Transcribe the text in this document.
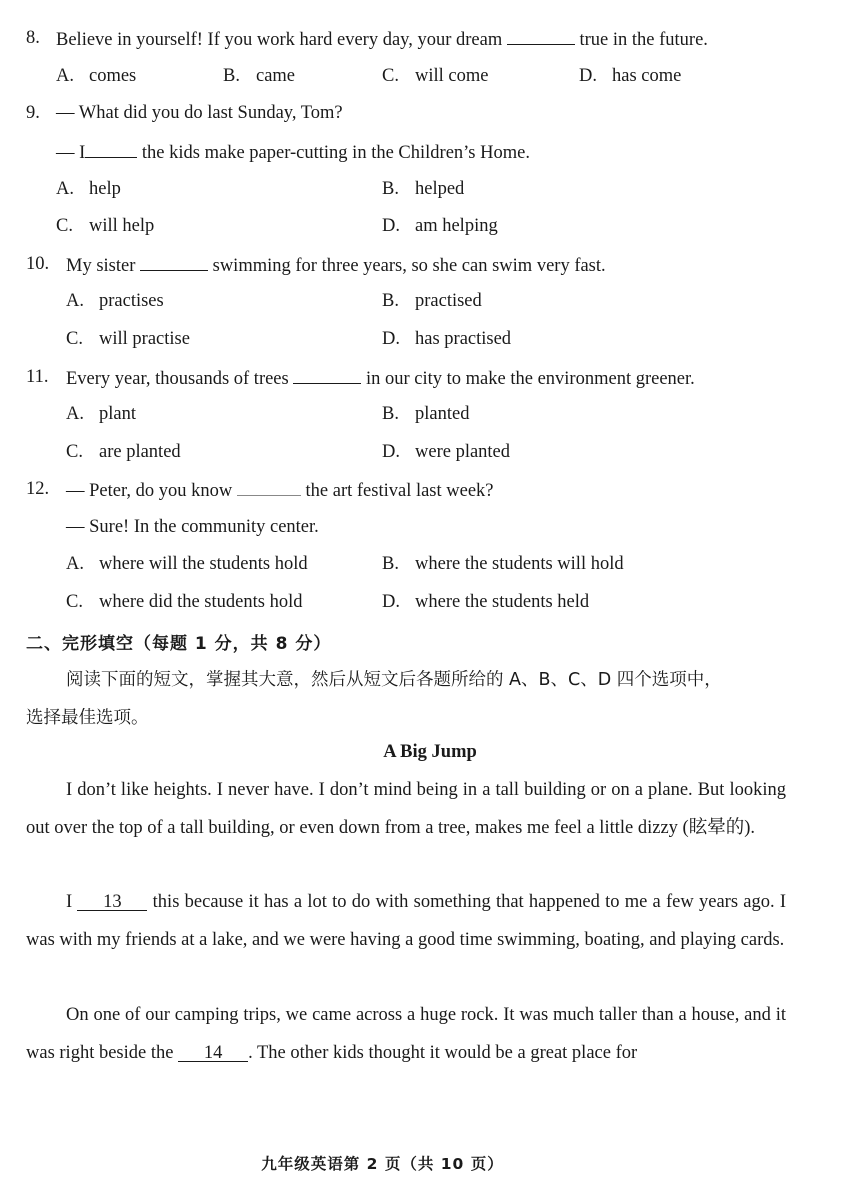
8. Believe in yourself! If you work hard every day, your dream	true in the future.
A. comes	B. came	C. will come	D. has come
9. — What did you do last Sunday, Tom?
— I	the kids make paper-cutting in the Children’s Home.
A. help	B. helped
C. will help	D. am helping
10. My sister	swimming for three years, so she can swim very fast.
A. practises	B. practised
C. will practise	D. has practised
11. Every year, thousands of trees	in our city to make the environment greener.
A. plant	B. planted
C. are planted	D. were planted
12. — Peter, do you know	the art festival last week?
— Sure! In the community center.
A. where will the students hold	B. where the students will hold
C. where did the students hold	D. where the students held
二、完形填空（每题 1 分，共 8 分）
阅读下面的短文，掌握其大意，然后从短文后各题所给的 A、B、C、D 四个选项中，
选择最佳选项。
A Big Jump
I don’t like heights. I never have. I don’t mind being in a tall building or on a plane. But looking out over the top of a tall building, or even down from a tree, makes me feel a little dizzy (眩晕的).
I 13 this because it has a lot to do with something that happened to me a few years ago. I was with my friends at a lake, and we were having a good time swimming, boating, and playing cards.
On one of our camping trips, we came across a huge rock. It was much taller than a house, and it was right beside the 14 . The other kids thought it would be a great place for
九年级英语第 2 页（共 10 页）
